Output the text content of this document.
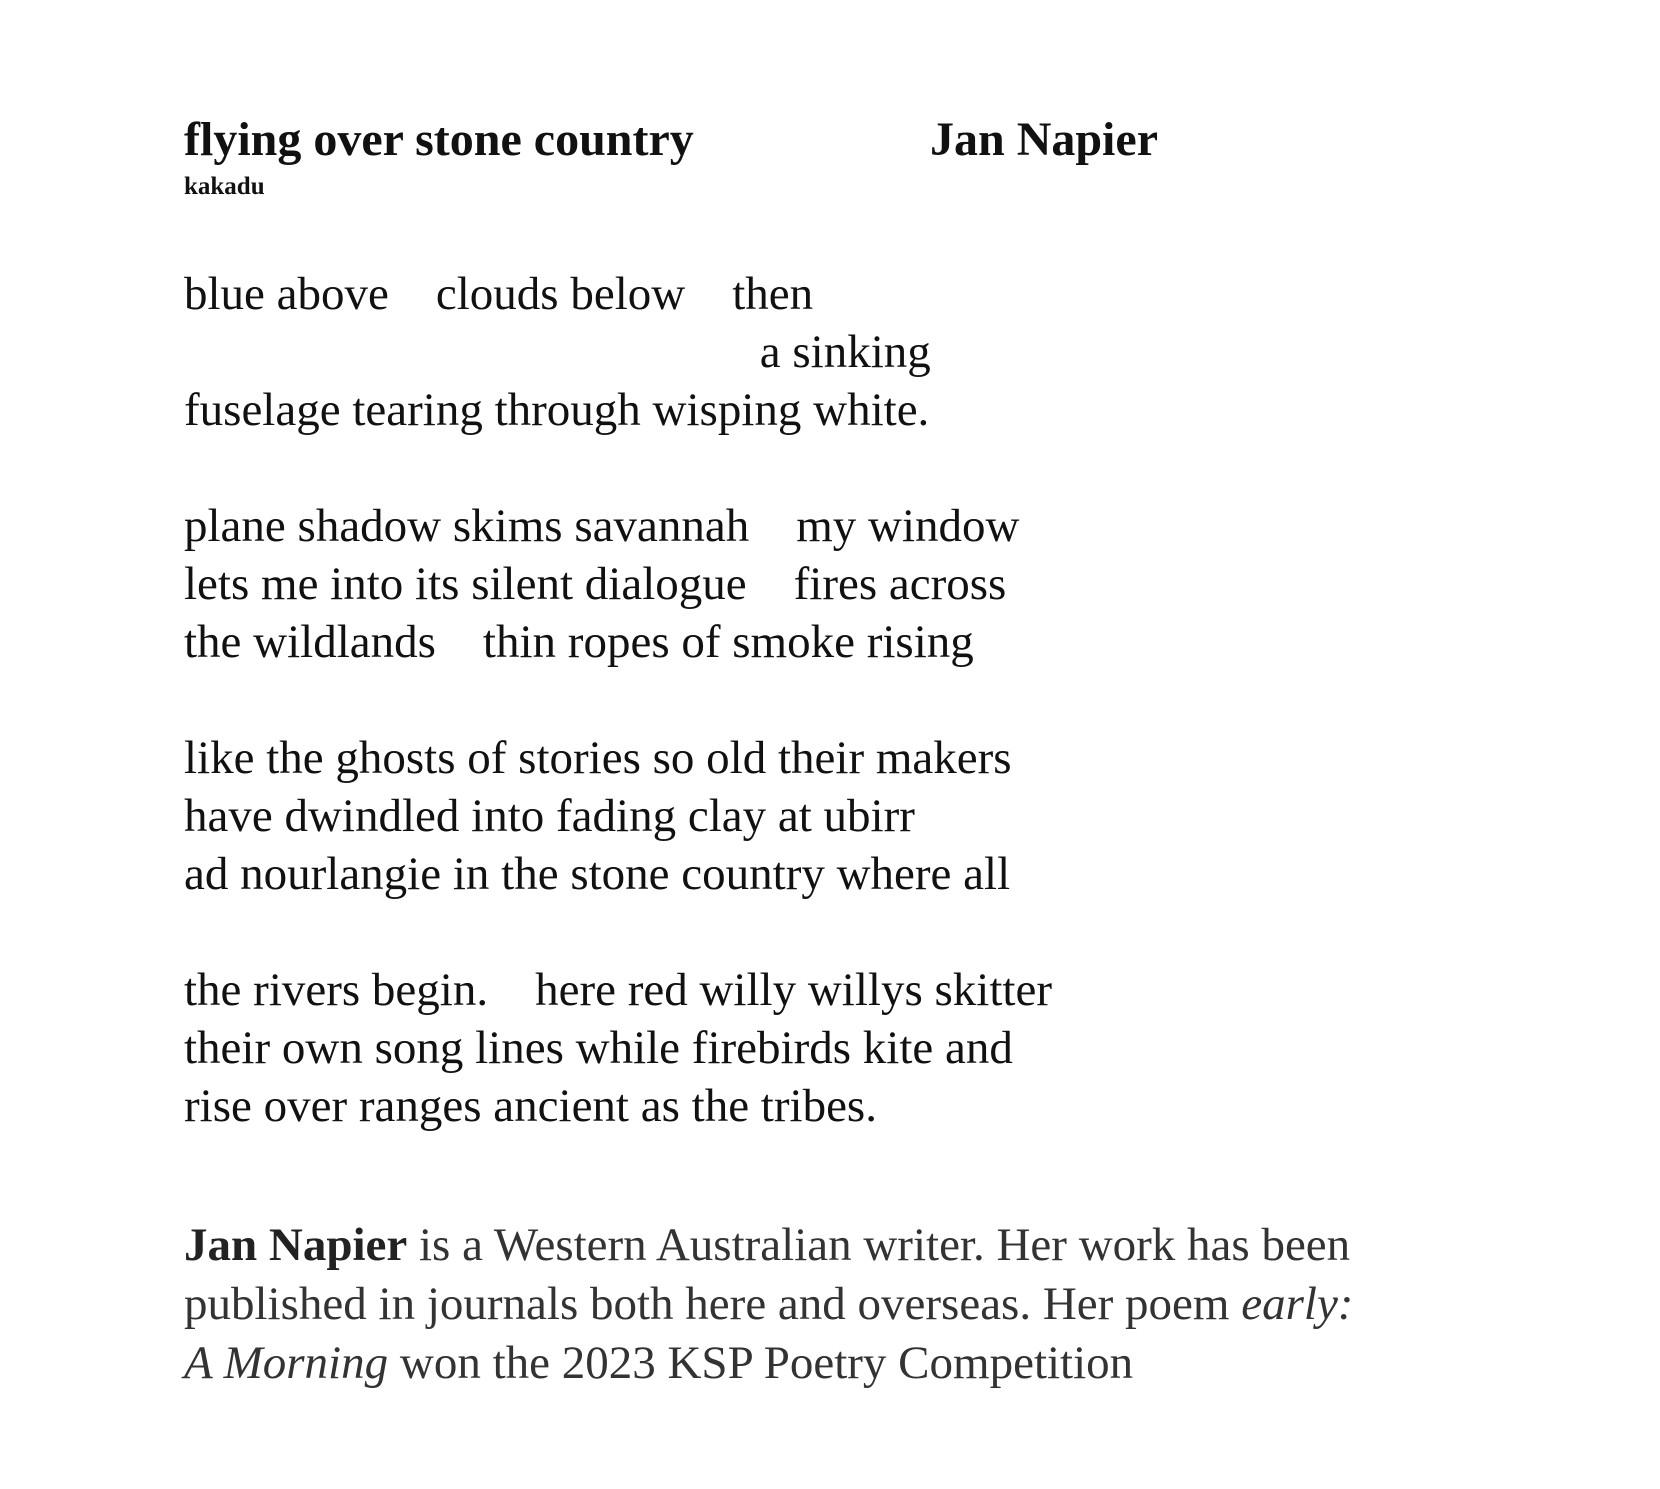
flying over stone country	Jan Napier
kakadu
blue above    clouds below    then
a sinking
fuselage tearing through wisping white.
plane shadow skims savannah    my window
lets me into its silent dialogue    fires across
the wildlands    thin ropes of smoke rising
like the ghosts of stories so old their makers
have dwindled into fading clay at ubirr
ad nourlangie in the stone country where all
the rivers begin.    here red willy willys skitter
their own song lines while firebirds kite and
rise over ranges ancient as the tribes.
Jan Napier is a Western Australian writer. Her work has been
published in journals both here and overseas. Her poem early:
A Morning won the 2023 KSP Poetry Competition
